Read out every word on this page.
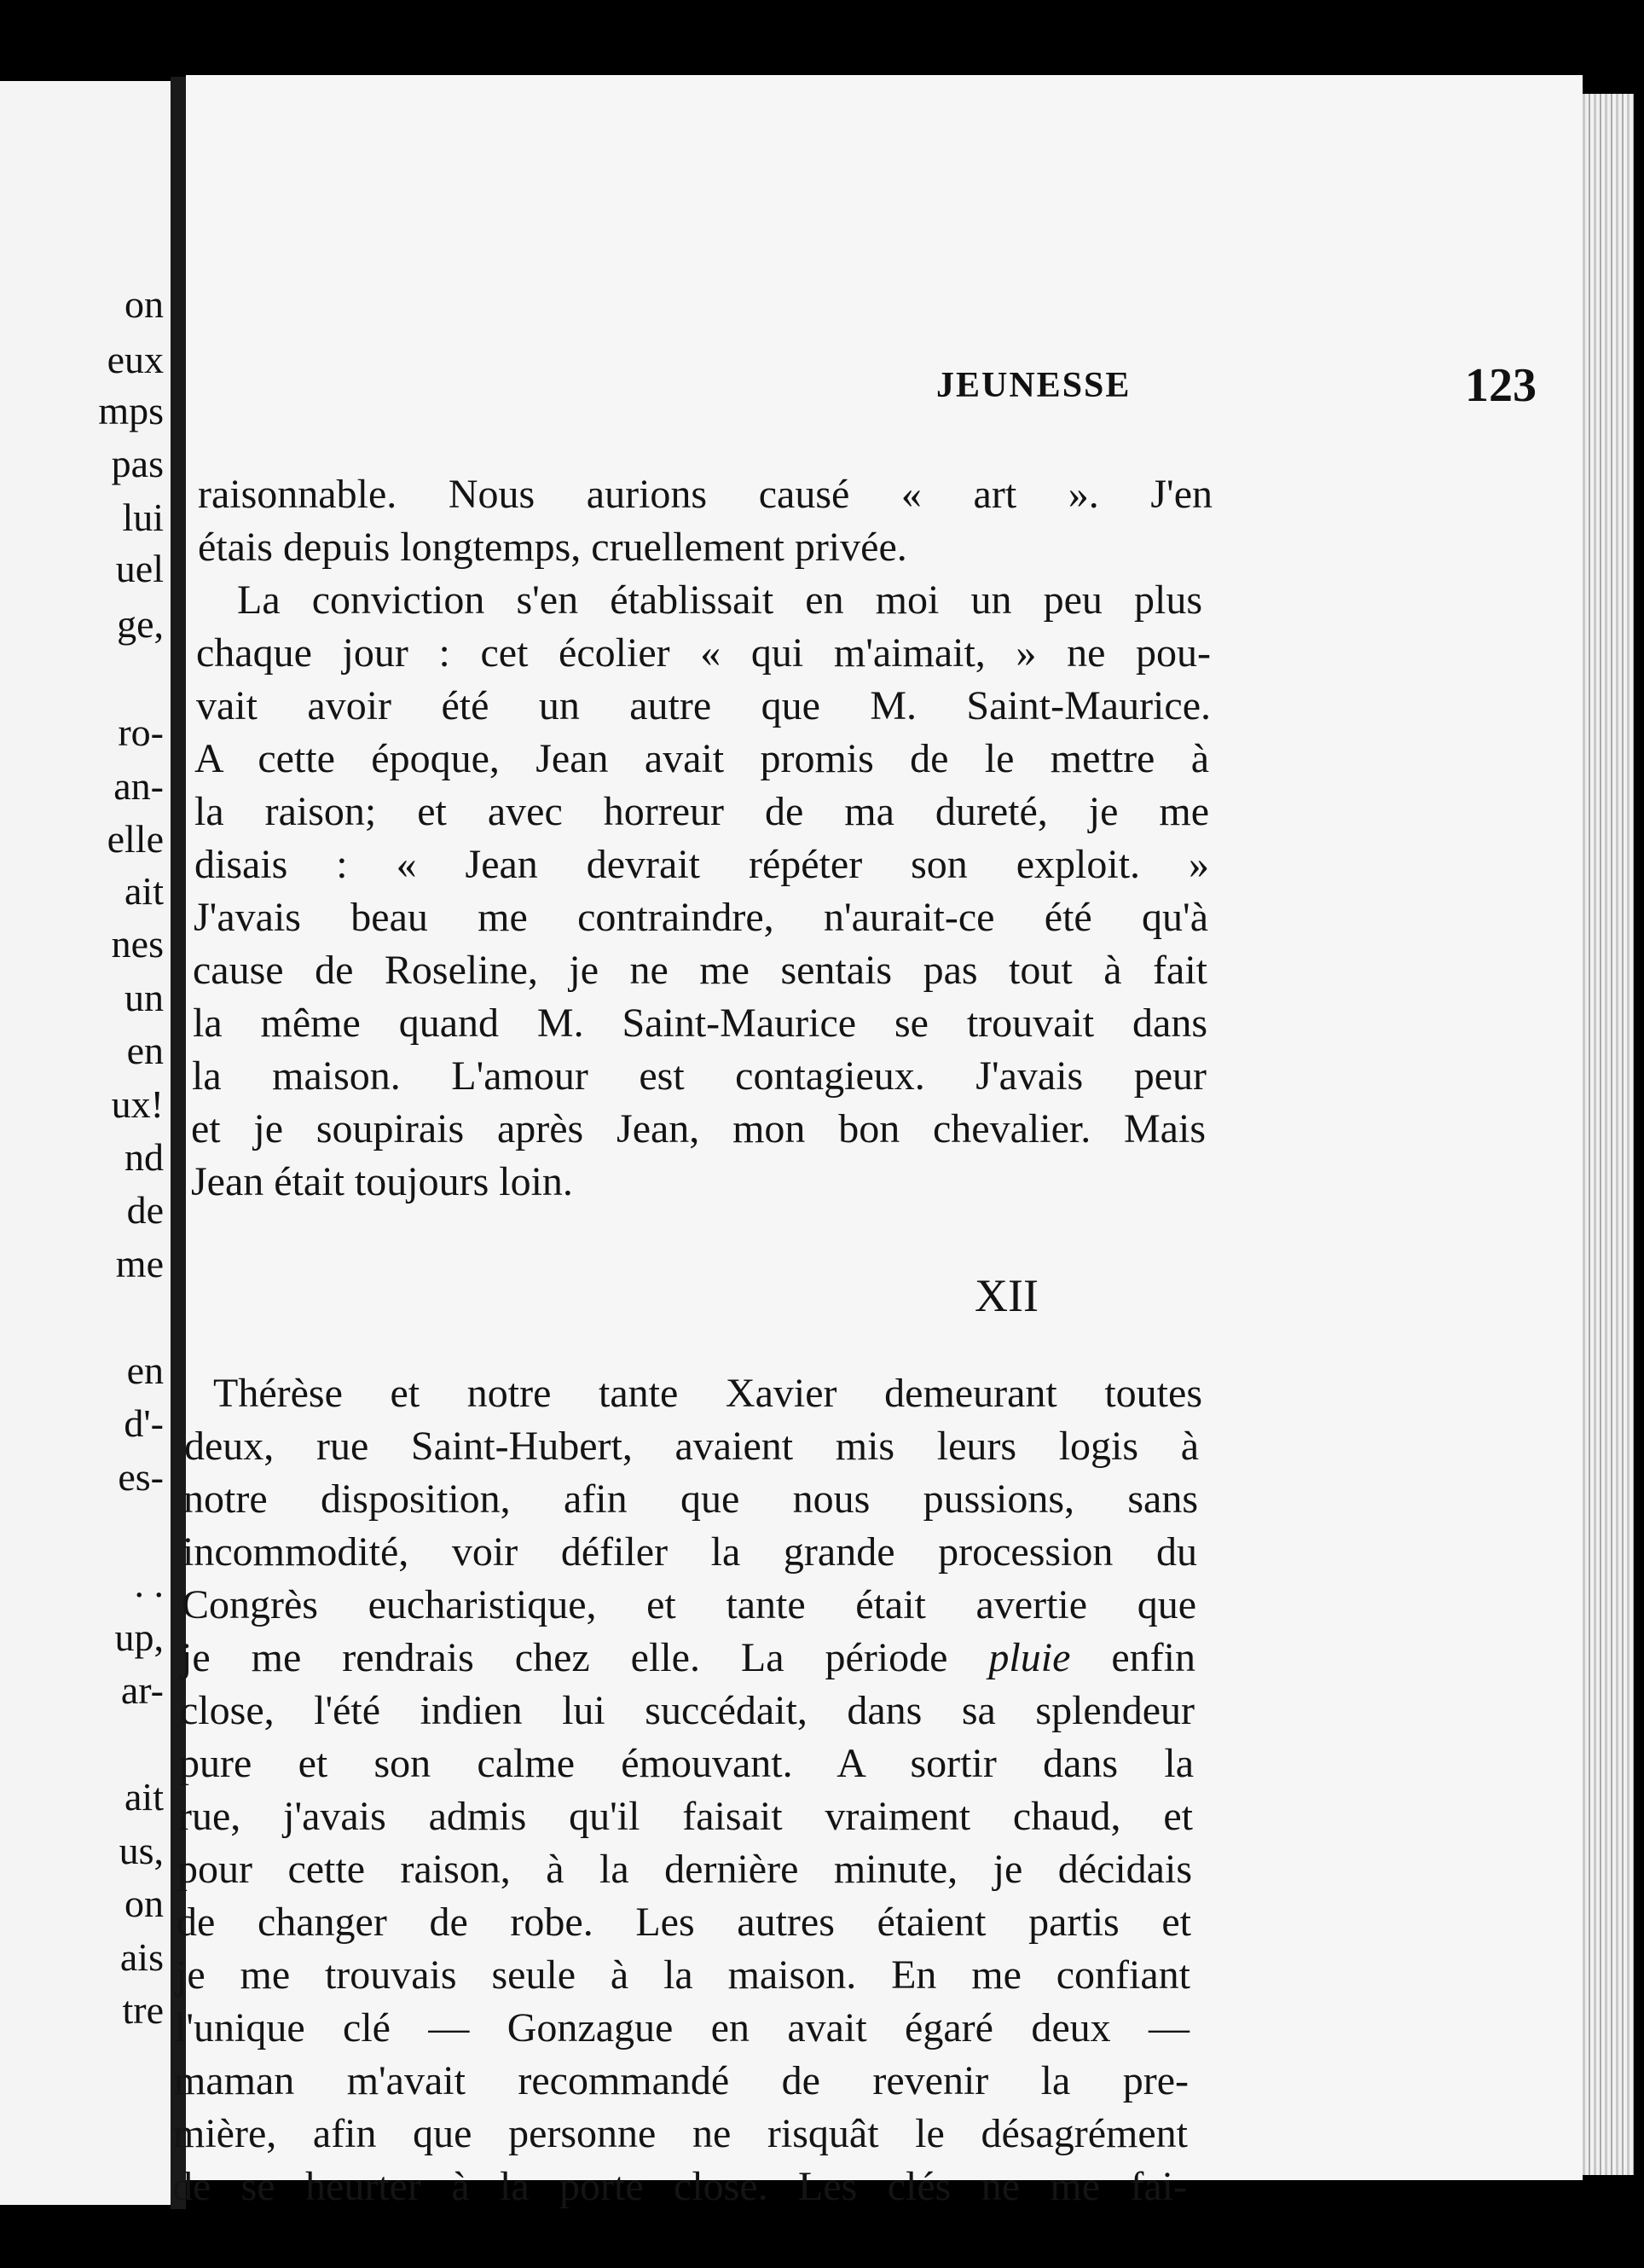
on
eux
mps
pas
lui
uel
ge,
ro-
an-
elle
ait
nes
un
en
ux!
nd
de
me
en
d'-
es-
. .
up,
ar-
ait
us,
on
ais
tre
JEUNESSE	123
raisonnable. Nous aurions causé « art ». J'en
étais depuis longtemps, cruellement privée.
La conviction s'en établissait en moi un peu plus
chaque jour : cet écolier « qui m'aimait, » ne pou-
vait avoir été un autre que M. Saint-Maurice.
A cette époque, Jean avait promis de le mettre à
la raison; et avec horreur de ma dureté, je me
disais : « Jean devrait répéter son exploit. »
J'avais beau me contraindre, n'aurait-ce été qu'à
cause de Roseline, je ne me sentais pas tout à fait
la même quand M. Saint-Maurice se trouvait dans
la maison. L'amour est contagieux. J'avais peur
et je soupirais après Jean, mon bon chevalier. Mais
Jean était toujours loin.
XII
Thérèse et notre tante Xavier demeurant toutes
deux, rue Saint-Hubert, avaient mis leurs logis à
notre disposition, afin que nous pussions, sans
incommodité, voir défiler la grande procession du
Congrès eucharistique, et tante était avertie que
je me rendrais chez elle. La période pluie enfin
close, l'été indien lui succédait, dans sa splendeur
pure et son calme émouvant. A sortir dans la
rue, j'avais admis qu'il faisait vraiment chaud, et
pour cette raison, à la dernière minute, je décidais
de changer de robe. Les autres étaient partis et
je me trouvais seule à la maison. En me confiant
l'unique clé — Gonzague en avait égaré deux —
maman m'avait recommandé de revenir la pre-
mière, afin que personne ne risquât le désagrément
de se heurter à la porte close. Les clés ne me fai-
